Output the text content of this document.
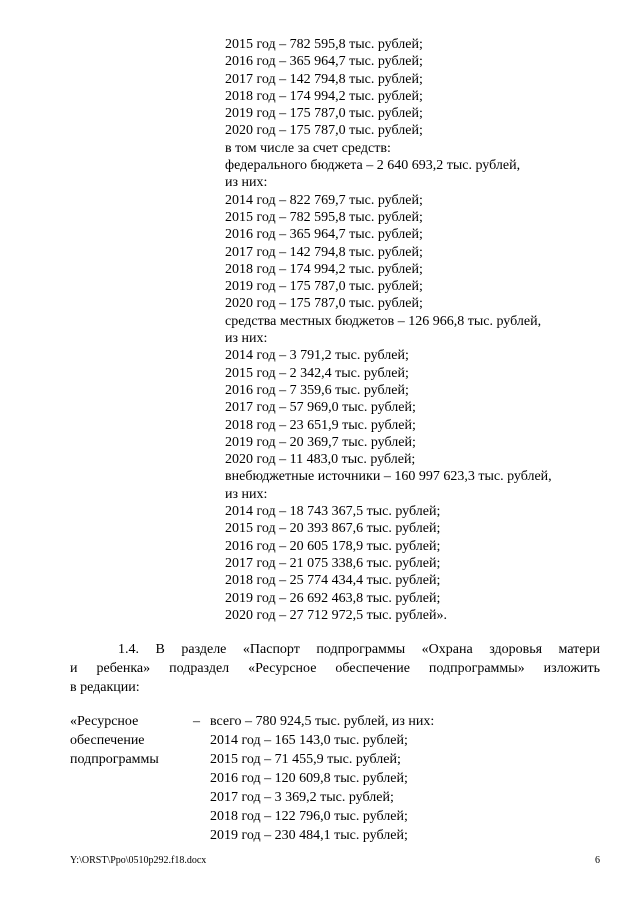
2015 год – 782 595,8 тыс. рублей;
2016 год – 365 964,7 тыс. рублей;
2017 год – 142 794,8 тыс. рублей;
2018 год – 174 994,2 тыс. рублей;
2019 год – 175 787,0 тыс. рублей;
2020 год – 175 787,0 тыс. рублей;
в том числе за счет средств:
федерального бюджета – 2 640 693,2 тыс. рублей,
из них:
2014 год – 822 769,7 тыс. рублей;
2015 год – 782 595,8 тыс. рублей;
2016 год – 365 964,7 тыс. рублей;
2017 год – 142 794,8 тыс. рублей;
2018 год – 174 994,2 тыс. рублей;
2019 год – 175 787,0 тыс. рублей;
2020 год – 175 787,0 тыс. рублей;
средства местных бюджетов – 126 966,8 тыс. рублей,
из них:
2014 год – 3 791,2 тыс. рублей;
2015 год – 2 342,4 тыс. рублей;
2016 год – 7 359,6 тыс. рублей;
2017 год – 57 969,0 тыс. рублей;
2018 год – 23 651,9 тыс. рублей;
2019 год – 20 369,7 тыс. рублей;
2020 год – 11 483,0 тыс. рублей;
внебюджетные источники – 160 997 623,3 тыс. рублей,
из них:
2014 год – 18 743 367,5 тыс. рублей;
2015 год – 20 393 867,6 тыс. рублей;
2016 год – 20 605 178,9 тыс. рублей;
2017 год – 21 075 338,6 тыс. рублей;
2018 год – 25 774 434,4 тыс. рублей;
2019 год – 26 692 463,8 тыс. рублей;
2020 год – 27 712 972,5 тыс. рублей».
1.4. В разделе «Паспорт подпрограммы «Охрана здоровья матери
и ребенка» подраздел «Ресурсное обеспечение подпрограммы» изложить
в редакции:
«Ресурсное	–
обеспечение
подпрограммы
всего – 780 924,5 тыс. рублей, из них:
2014 год – 165 143,0 тыс. рублей;
2015 год – 71 455,9 тыс. рублей;
2016 год – 120 609,8 тыс. рублей;
2017 год – 3 369,2 тыс. рублей;
2018 год – 122 796,0 тыс. рублей;
2019 год – 230 484,1 тыс. рублей;
Y:\ORST\Ppo\0510p292.f18.docx	6
